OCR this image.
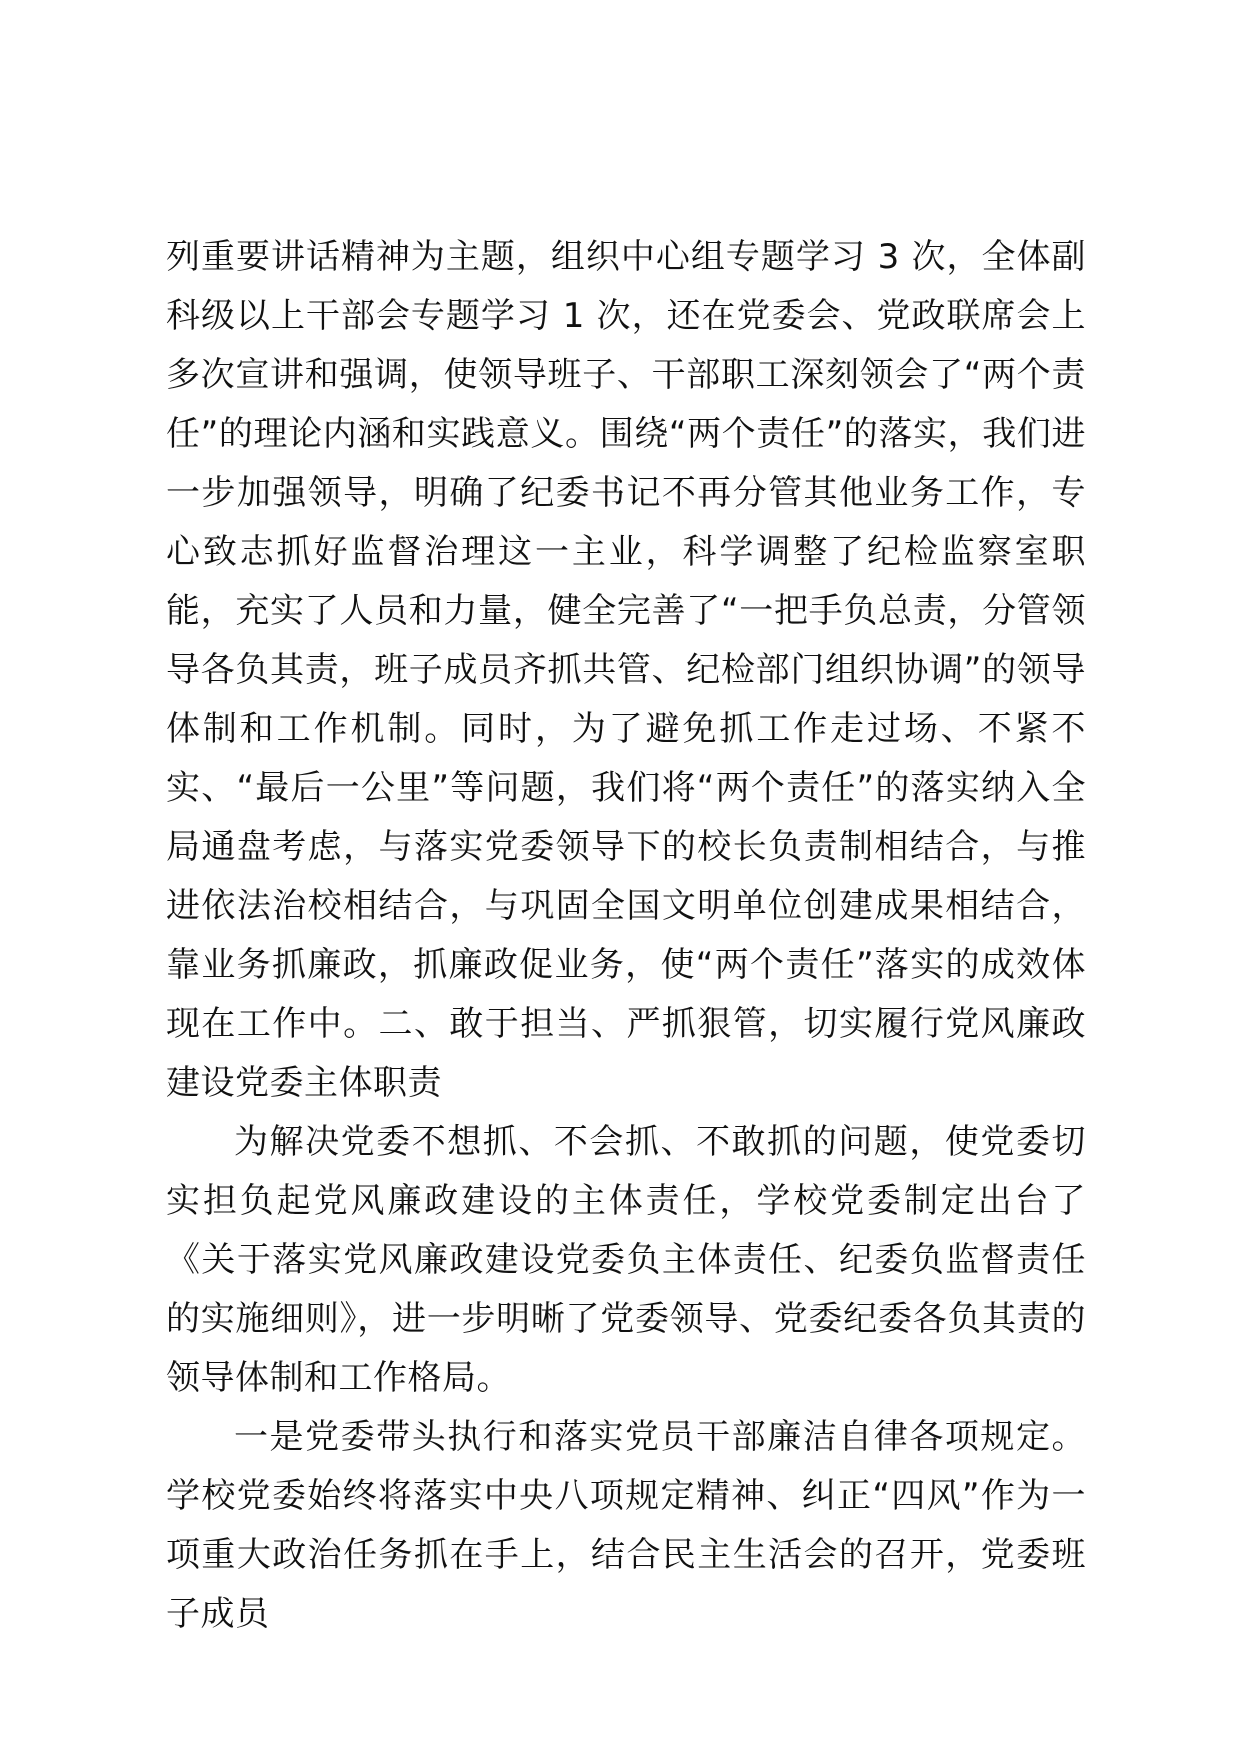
列重要讲话精神为主题，组织中心组专题学习 3 次，全体副科级以上干部会专题学习 1 次，还在党委会、党政联席会上多次宣讲和强调，使领导班子、干部职工深刻领会了“两个责任”的理论内涵和实践意义。围绕“两个责任”的落实，我们进一步加强领导，明确了纪委书记不再分管其他业务工作，专心致志抓好监督治理这一主业，科学调整了纪检监察室职能，充实了人员和力量，健全完善了“一把手负总责，分管领导各负其责，班子成员齐抓共管、纪检部门组织协调”的领导体制和工作机制。同时，为了避免抓工作走过场、不紧不实、“最后一公里”等问题，我们将“两个责任”的落实纳入全局通盘考虑，与落实党委领导下的校长负责制相结合，与推进依法治校相结合，与巩固全国文明单位创建成果相结合，靠业务抓廉政，抓廉政促业务，使“两个责任”落实的成效体现在工作中。二、敢于担当、严抓狠管，切实履行党风廉政建设党委主体职责

为解决党委不想抓、不会抓、不敢抓的问题，使党委切实担负起党风廉政建设的主体责任，学校党委制定出台了《关于落实党风廉政建设党委负主体责任、纪委负监督责任的实施细则》，进一步明晰了党委领导、党委纪委各负其责的领导体制和工作格局。

一是党委带头执行和落实党员干部廉洁自律各项规定。学校党委始终将落实中央八项规定精神、纠正“四风”作为一项重大政治任务抓在手上，结合民主生活会的召开，党委班子成员
